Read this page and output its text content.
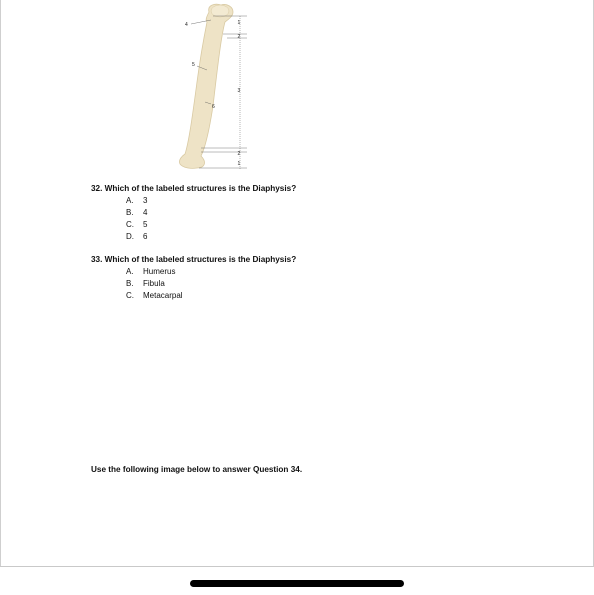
4
5
6
1
2
3
2
1
32. Which of the labeled structures is the Diaphysis?
A. 3
B. 4
C. 5
D. 6
33. Which of the labeled structures is the Diaphysis?
A. Humerus
B. Fibula
C. Metacarpal
Use the following image below to answer Question 34.
